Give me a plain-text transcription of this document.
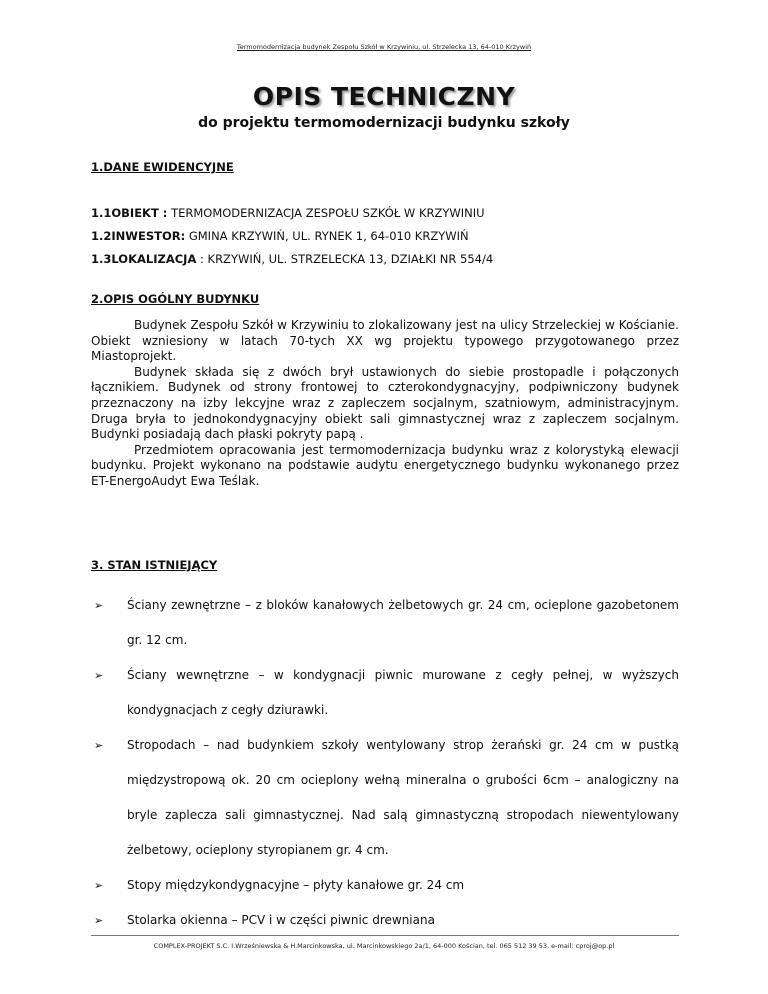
Termomodernizacja budynek Zespołu Szkół w Krzywiniu, ul. Strzelecka 13, 64-010 Krzywiń
OPIS TECHNICZNY
do projektu termomodernizacji budynku szkoły
1.DANE EWIDENCYJNE
1.1OBIEKT : TERMOMODERNIZACJA ZESPOŁU SZKÓŁ W KRZYWINIU
1.2INWESTOR: GMINA KRZYWIŃ, UL. RYNEK 1, 64-010 KRZYWIŃ
1.3LOKALIZACJA : KRZYWIŃ, UL. STRZELECKA 13, DZIAŁKI NR 554/4
2.OPIS OGÓLNY BUDYNKU

Budynek Zespołu Szkół w Krzywiniu to zlokalizowany jest na ulicy Strzeleckiej w Kościanie. Obiekt wzniesiony w latach 70-tych XX wg projektu typowego przygotowanego przez Miastoprojekt.

Budynek składa się z dwóch brył ustawionych do siebie prostopadle i połączonych łącznikiem. Budynek od strony frontowej to czterokondygnacyjny, podpiwniczony budynek przeznaczony na izby lekcyjne wraz z zapleczem socjalnym, szatniowym, administracyjnym. Druga bryła to jednokondygnacyjny obiekt sali gimnastycznej wraz z zapleczem socjalnym. Budynki posiadają dach płaski pokryty papą .

Przedmiotem opracowania jest termomodernizacja budynku wraz z kolorystyką elewacji budynku. Projekt wykonano na podstawie audytu energetycznego budynku wykonanego przez ET-EnergoAudyt Ewa Teślak.

3. STAN ISTNIEJĄCY
➢ Ściany zewnętrzne – z bloków kanałowych żelbetowych gr. 24 cm, ocieplone gazobetonem gr. 12 cm.
➢ Ściany wewnętrzne – w kondygnacji piwnic murowane z cegły pełnej, w wyższych kondygnacjach z cegły dziurawki.
➢ Stropodach – nad budynkiem szkoły wentylowany strop żerański gr. 24 cm w pustką międzystropową ok. 20 cm ocieplony wełną mineralna o grubości 6cm – analogiczny na bryle zaplecza sali gimnastycznej. Nad salą gimnastyczną stropodach niewentylowany żelbetowy, ocieplony styropianem gr. 4 cm.
➢ Stopy międzykondygnacyjne – płyty kanałowe gr. 24 cm
➢ Stolarka okienna – PCV i w części piwnic drewniana
COMPLEX-PROJEKT S.C. I.Wrześniewska & H.Marcinkowska, ul. Marcinkowskiego 2a/1, 64-000 Kościan, tel. 065 512 39 53, e-mail: cproj@op.pl
